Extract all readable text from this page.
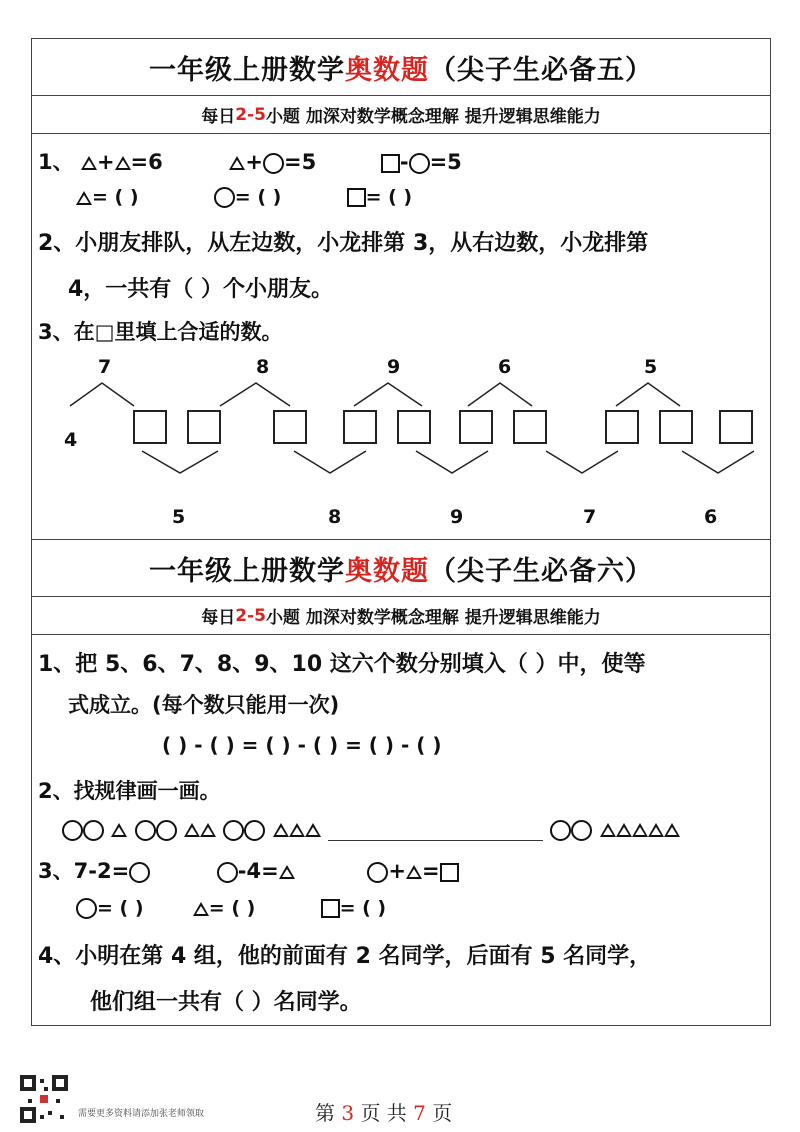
一年级上册数学 奥数题 （尖子生必备五）
每日 2-5 小题 加深对数学概念理解 提升逻辑思维能力
1、 + =6	+ =5	- =5
= ( )	= ( )	= ( )
2、小朋友排队，从左边数，小龙排第 3，从右边数，小龙排第
4，一共有（ ）个小朋友。
3、在□里填上合适的数。
7	8	9	6	5
4
5	8	9	7	6
一年级上册数学 奥数题 （尖子生必备六）
每日 2-5 小题 加深对数学概念理解 提升逻辑思维能力
1、把 5、6、7、8、9、10 这六个数分别填入（ ）中，使等
式成立。(每个数只能用一次)
( ) - ( ) = ( ) - ( ) = ( ) - ( )
2、找规律画一画。

3、7-2=	-4=	+ =
= ( )	= ( )	= ( )
4、小明在第 4 组，他的前面有 2 名同学，后面有 5 名同学，
他们组一共有（ ）名同学。
需要更多资料请添加张老师领取	第 3 页 共 7 页
